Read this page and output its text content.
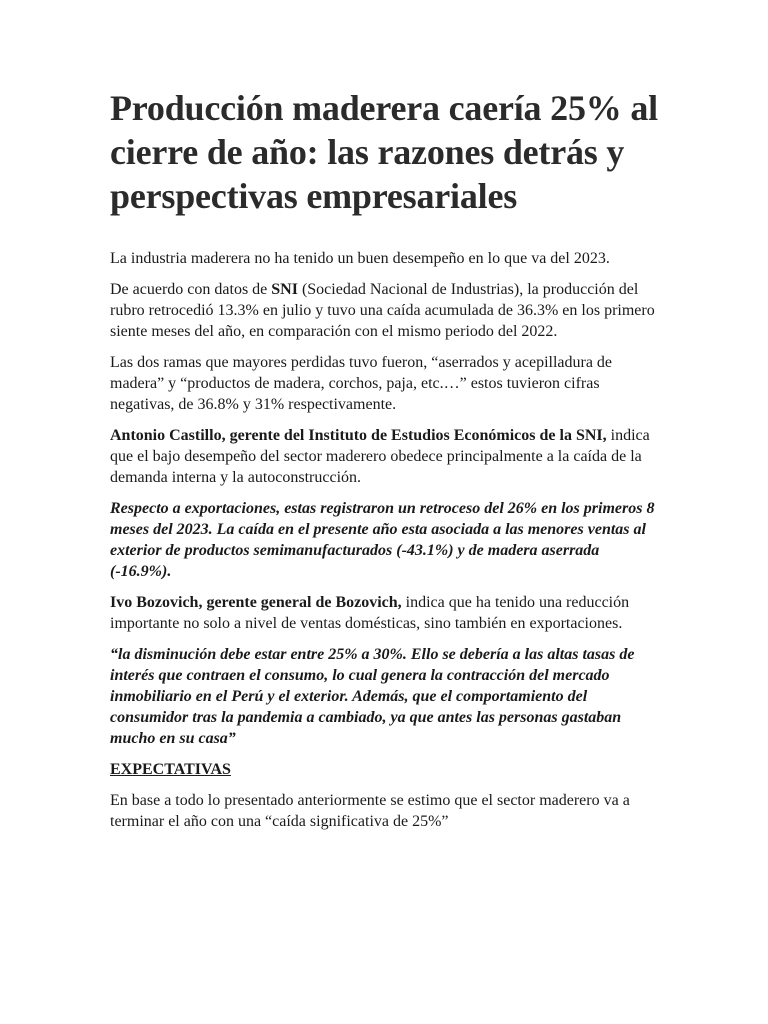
Producción maderera caería 25% al cierre de año: las razones detrás y perspectivas empresariales

La industria maderera no ha tenido un buen desempeño en lo que va del 2023.

De acuerdo con datos de SNI (Sociedad Nacional de Industrias), la producción del rubro retrocedió 13.3% en julio y tuvo una caída acumulada de 36.3% en los primero siente meses del año, en comparación con el mismo periodo del 2022.

Las dos ramas que mayores perdidas tuvo fueron, “aserrados y acepilladura de madera” y “productos de madera, corchos, paja, etc.…” estos tuvieron cifras negativas, de 36.8% y 31% respectivamente.

Antonio Castillo, gerente del Instituto de Estudios Económicos de la SNI, indica que el bajo desempeño del sector maderero obedece principalmente a la caída de la demanda interna y la autoconstrucción.

Respecto a exportaciones, estas registraron un retroceso del 26% en los primeros 8 meses del 2023. La caída en el presente año esta asociada a las menores ventas al exterior de productos semimanufacturados (-43.1%) y de madera aserrada (-16.9%).

Ivo Bozovich, gerente general de Bozovich, indica que ha tenido una reducción importante no solo a nivel de ventas domésticas, sino también en exportaciones.

“la disminución debe estar entre 25% a 30%. Ello se debería a las altas tasas de interés que contraen el consumo, lo cual genera la contracción del mercado inmobiliario en el Perú y el exterior. Además, que el comportamiento del consumidor tras la pandemia a cambiado, ya que antes las personas gastaban mucho en su casa”

EXPECTATIVAS

En base a todo lo presentado anteriormente se estimo que el sector maderero va a terminar el año con una “caída significativa de 25%”
